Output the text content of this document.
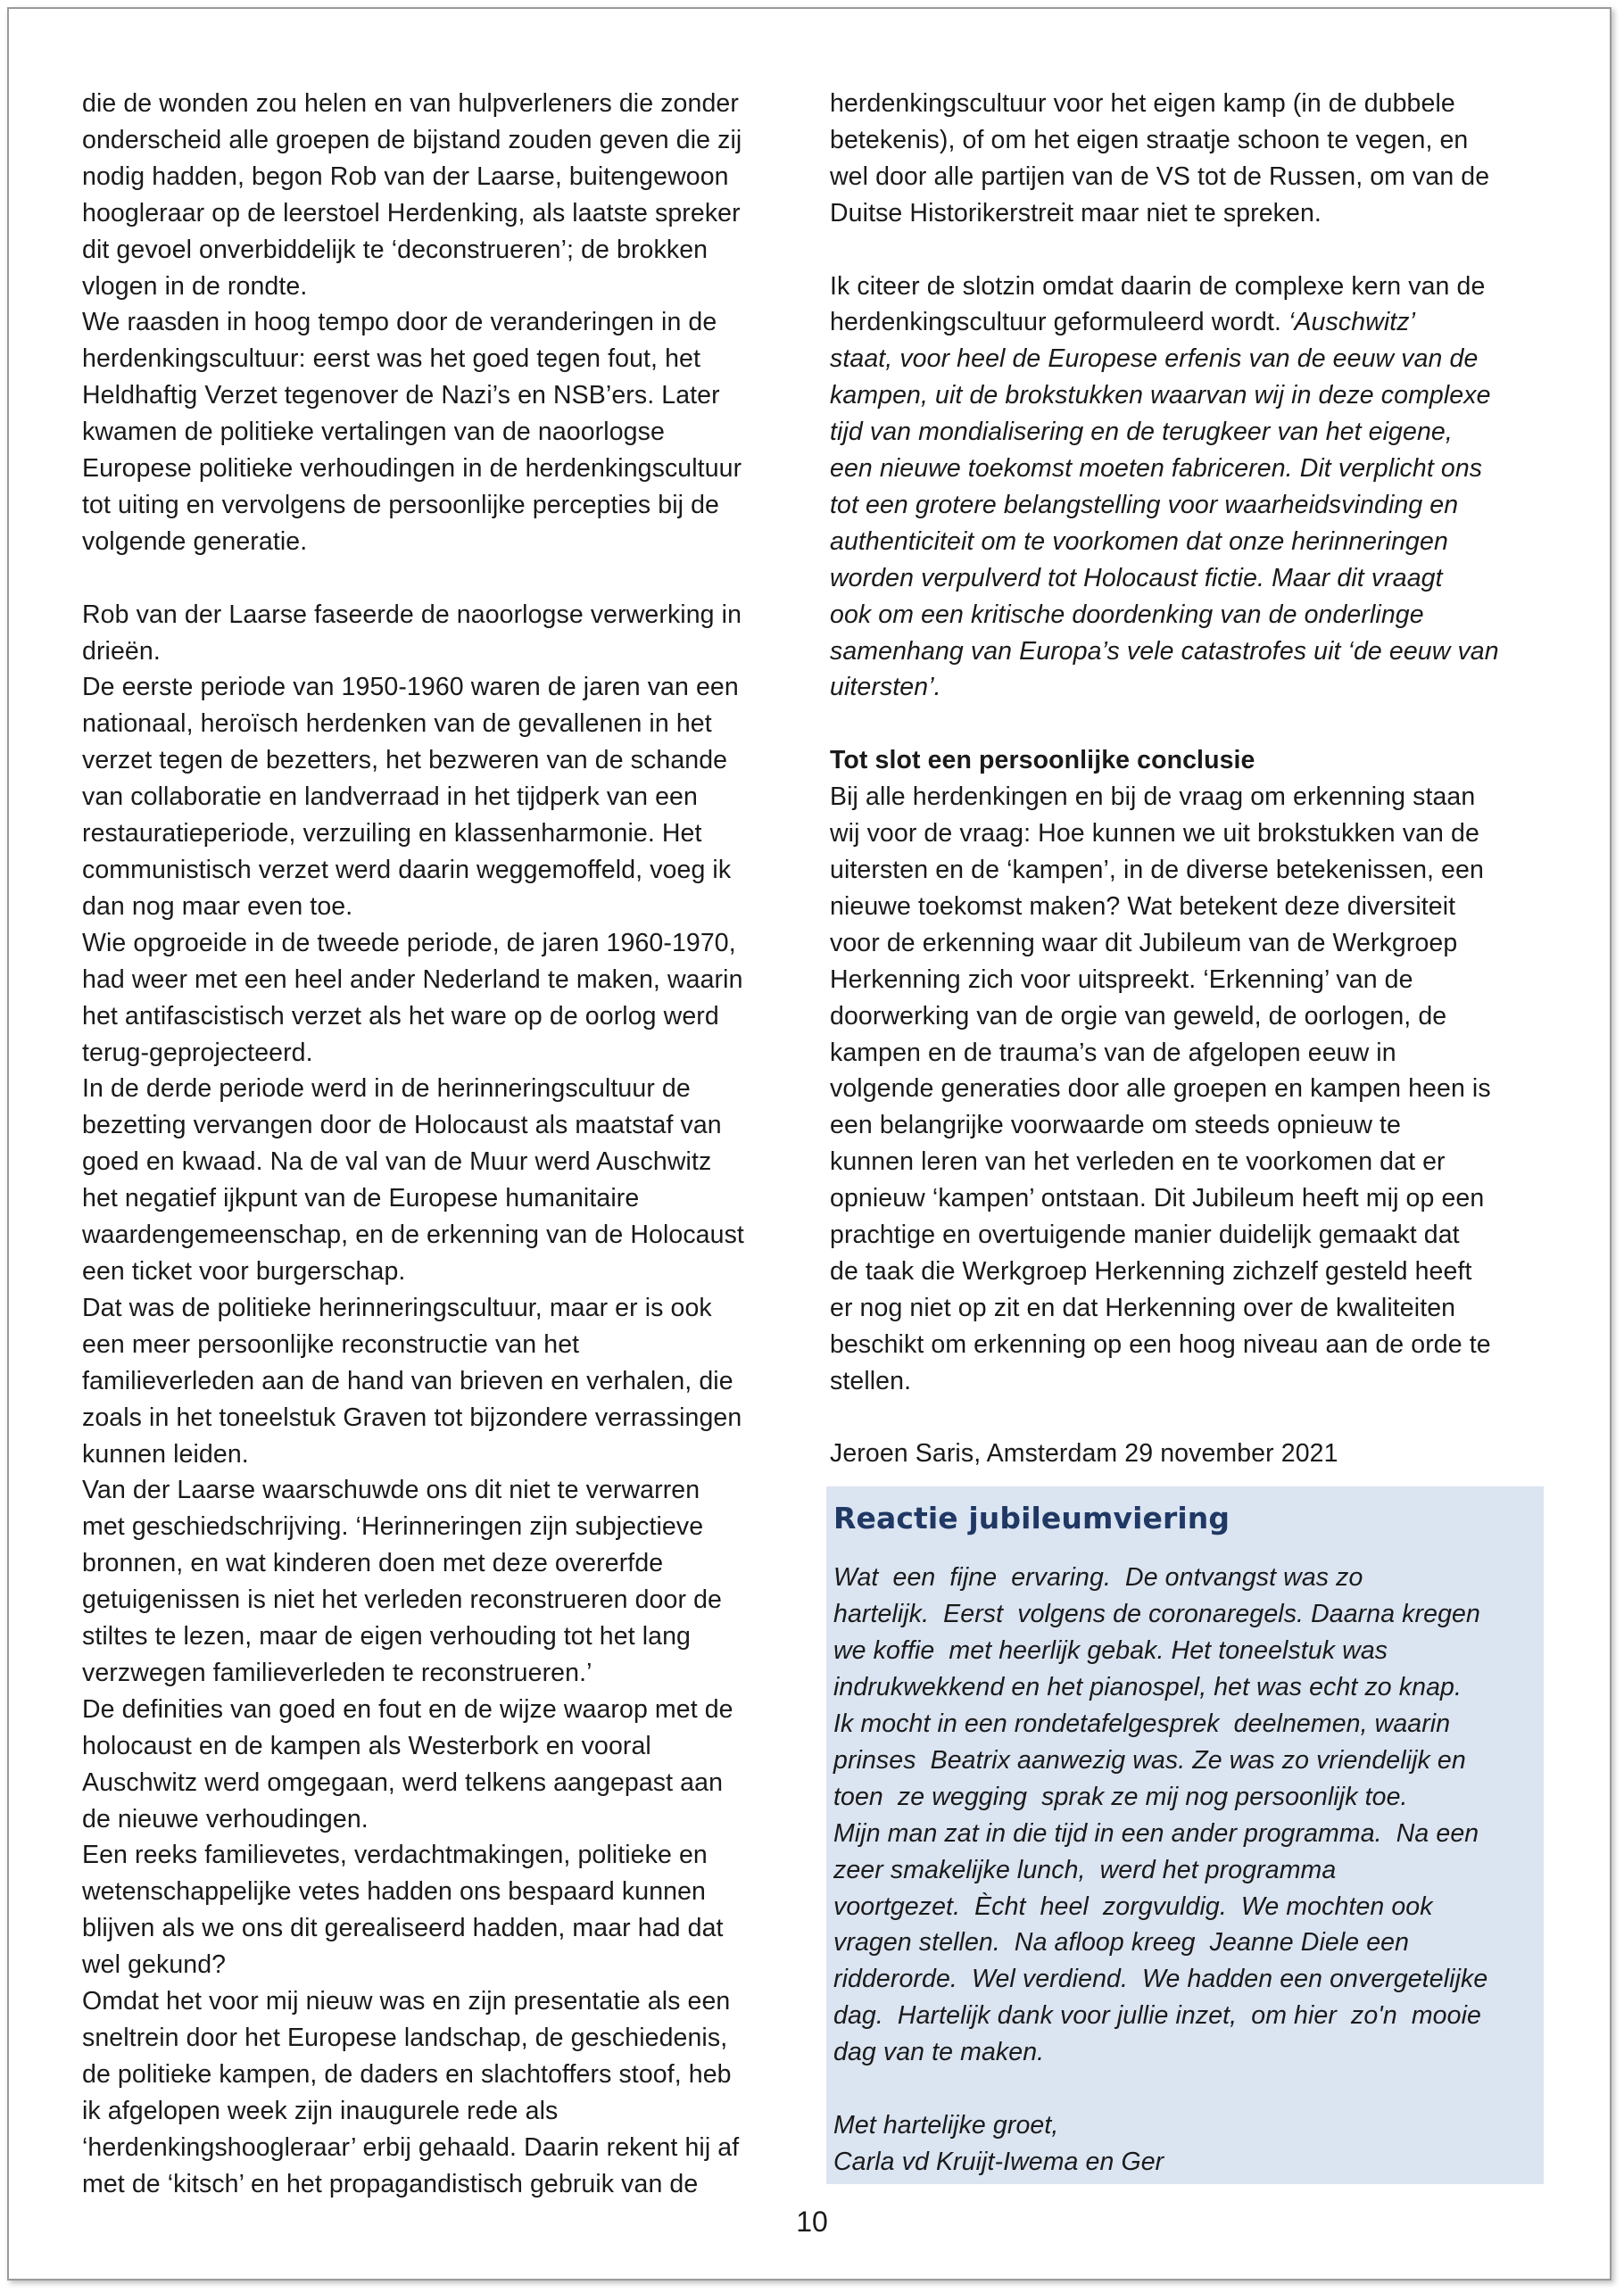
die de wonden zou helen en van hulpverleners die zonder

onderscheid alle groepen de bijstand zouden geven die zij

nodig hadden, begon Rob van der Laarse, buitengewoon

hoogleraar op de leerstoel Herdenking, als laatste spreker

dit gevoel onverbiddelijk te ‘deconstrueren’; de brokken

vlogen in de rondte.

We raasden in hoog tempo door de veranderingen in de

herdenkingscultuur: eerst was het goed tegen fout, het

Heldhaftig Verzet tegenover de Nazi’s en NSB’ers. Later

kwamen de politieke vertalingen van de naoorlogse

Europese politieke verhoudingen in de herdenkingscultuur

tot uiting en vervolgens de persoonlijke percepties bij de

volgende generatie.

Rob van der Laarse faseerde de naoorlogse verwerking in

drieën.

De eerste periode van 1950-1960 waren de jaren van een

nationaal, heroïsch herdenken van de gevallenen in het

verzet tegen de bezetters, het bezweren van de schande

van collaboratie en landverraad in het tijdperk van een

restauratieperiode, verzuiling en klassenharmonie. Het

communistisch verzet werd daarin weggemoffeld, voeg ik

dan nog maar even toe.

Wie opgroeide in de tweede periode, de jaren 1960-1970,

had weer met een heel ander Nederland te maken, waarin

het antifascistisch verzet als het ware op de oorlog werd

terug-geprojecteerd.

In de derde periode werd in de herinneringscultuur de

bezetting vervangen door de Holocaust als maatstaf van

goed en kwaad. Na de val van de Muur werd Auschwitz

het negatief ijkpunt van de Europese humanitaire

waardengemeenschap, en de erkenning van de Holocaust

een ticket voor burgerschap.

Dat was de politieke herinneringscultuur, maar er is ook

een meer persoonlijke reconstructie van het

familieverleden aan de hand van brieven en verhalen, die

zoals in het toneelstuk Graven tot bijzondere verrassingen

kunnen leiden.

Van der Laarse waarschuwde ons dit niet te verwarren

met geschiedschrijving. ‘Herinneringen zijn subjectieve

bronnen, en wat kinderen doen met deze overerfde

getuigenissen is niet het verleden reconstrueren door de

stiltes te lezen, maar de eigen verhouding tot het lang

verzwegen familieverleden te reconstrueren.’

De definities van goed en fout en de wijze waarop met de

holocaust en de kampen als Westerbork en vooral

Auschwitz werd omgegaan, werd telkens aangepast aan

de nieuwe verhoudingen.

Een reeks familievetes, verdachtmakingen, politieke en

wetenschappelijke vetes hadden ons bespaard kunnen

blijven als we ons dit gerealiseerd hadden, maar had dat

wel gekund?

Omdat het voor mij nieuw was en zijn presentatie als een

sneltrein door het Europese landschap, de geschiedenis,

de politieke kampen, de daders en slachtoffers stoof, heb

ik afgelopen week zijn inaugurele rede als

‘herdenkingshoogleraar’ erbij gehaald. Daarin rekent hij af

met de ‘kitsch’ en het propagandistisch gebruik van de

herdenkingscultuur voor het eigen kamp (in de dubbele

betekenis), of om het eigen straatje schoon te vegen, en

wel door alle partijen van de VS tot de Russen, om van de

Duitse Historikerstreit maar niet te spreken.

Ik citeer de slotzin omdat daarin de complexe kern van de

herdenkingscultuur geformuleerd wordt. ‘Auschwitz’

staat, voor heel de Europese erfenis van de eeuw van de

kampen, uit de brokstukken waarvan wij in deze complexe

tijd van mondialisering en de terugkeer van het eigene,

een nieuwe toekomst moeten fabriceren. Dit verplicht ons

tot een grotere belangstelling voor waarheidsvinding en

authenticiteit om te voorkomen dat onze herinneringen

worden verpulverd tot Holocaust fictie. Maar dit vraagt

ook om een kritische doordenking van de onderlinge

samenhang van Europa’s vele catastrofes uit ‘de eeuw van

uitersten’.

Tot slot een persoonlijke conclusie

Bij alle herdenkingen en bij de vraag om erkenning staan

wij voor de vraag: Hoe kunnen we uit brokstukken van de

uitersten en de ‘kampen’, in de diverse betekenissen, een

nieuwe toekomst maken? Wat betekent deze diversiteit

voor de erkenning waar dit Jubileum van de Werkgroep

Herkenning zich voor uitspreekt. ‘Erkenning’ van de

doorwerking van de orgie van geweld, de oorlogen, de

kampen en de trauma’s van de afgelopen eeuw in

volgende generaties door alle groepen en kampen heen is

een belangrijke voorwaarde om steeds opnieuw te

kunnen leren van het verleden en te voorkomen dat er

opnieuw ‘kampen’ ontstaan. Dit Jubileum heeft mij op een

prachtige en overtuigende manier duidelijk gemaakt dat

de taak die Werkgroep Herkenning zichzelf gesteld heeft

er nog niet op zit en dat Herkenning over de kwaliteiten

beschikt om erkenning op een hoog niveau aan de orde te

stellen.

Jeroen Saris, Amsterdam 29 november 2021

Reactie jubileumviering

Wat  een  fijne  ervaring.  De ontvangst was zo

hartelijk.  Eerst  volgens de coronaregels. Daarna kregen

we koffie  met heerlijk gebak. Het toneelstuk was

indrukwekkend en het pianospel, het was echt zo knap.

Ik mocht in een rondetafelgesprek  deelnemen, waarin

prinses  Beatrix aanwezig was. Ze was zo vriendelijk en

toen  ze wegging  sprak ze mij nog persoonlijk toe.

Mijn man zat in die tijd in een ander programma.  Na een

zeer smakelijke lunch,  werd het programma

voortgezet.  Ècht  heel  zorgvuldig.  We mochten ook

vragen stellen.  Na afloop kreeg  Jeanne Diele een

ridderorde.  Wel verdiend.  We hadden een onvergetelijke

dag.  Hartelijk dank voor jullie inzet,  om hier  zo'n  mooie

dag van te maken.

Met hartelijke groet,

Carla vd Kruijt-Iwema en Ger

10
